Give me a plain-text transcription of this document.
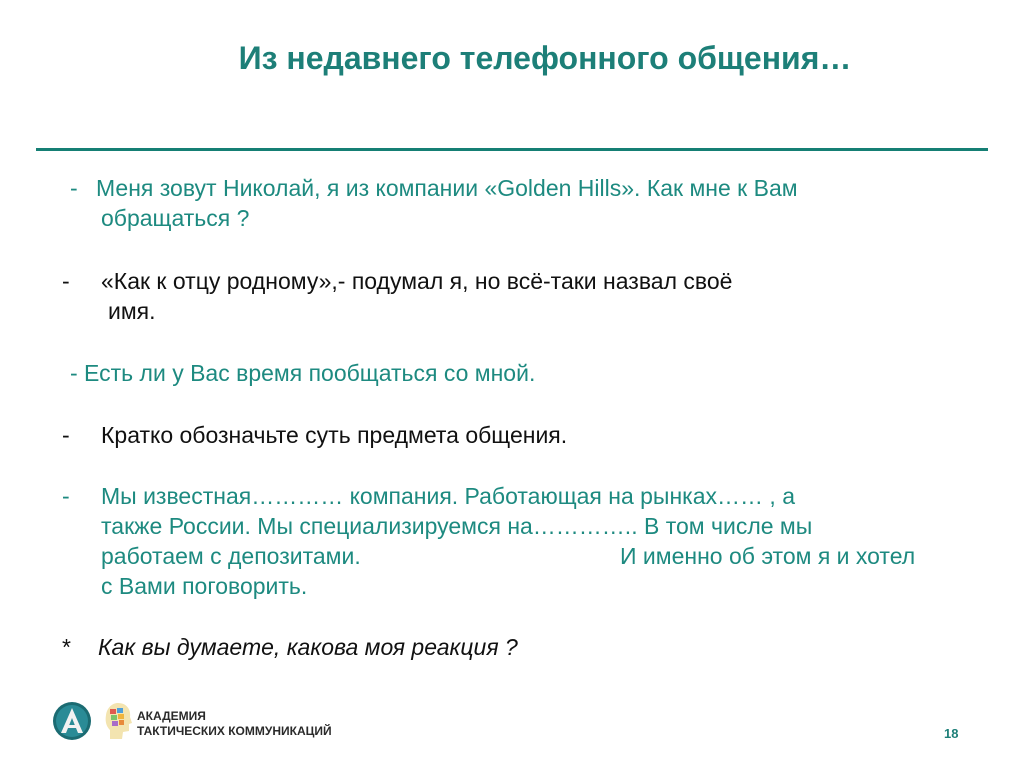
Из недавнего телефонного общения…
- Меня зовут Николай, я из компании «Golden Hills». Как мне к Вам
обращаться ?
- «Как к отцу родному»,- подумал я, но всё-таки назвал своё
имя.
- Есть ли у Вас время пообщаться со мной.
- Кратко обозначьте суть предмета общения.
- Мы известная………… компания. Работающая на рынках…… , а
также России. Мы специализируемся на………….. В том числе мы
работаем с депозитами.	И именно об этом я и хотел
с Вами поговорить.
* Как вы думаете, какова моя реакция ?
АКАДЕМИЯ
ТАКТИЧЕСКИХ КОММУНИКАЦИЙ	18
